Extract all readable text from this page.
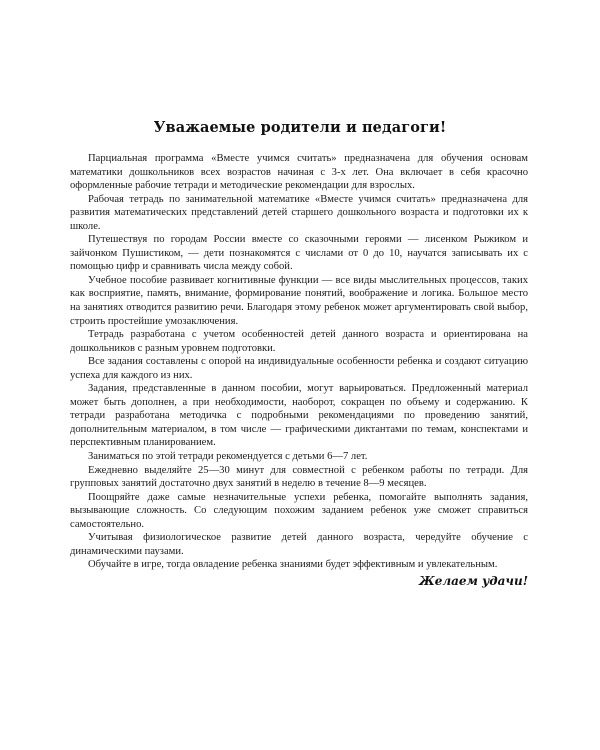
Уважаемые родители и педагоги!

Парциальная программа «Вместе учимся считать» предназначена для обучения основам математики дошкольников всех возрастов начиная с 3-х лет. Она включает в себя красочно оформленные рабочие тетради и методические рекомендации для взрослых.

Рабочая тетрадь по занимательной математике «Вместе учимся считать» предназначена для развития математических представлений детей старшего дошкольного возраста и подготовки их к школе.

Путешествуя по городам России вместе со сказочными героями — лисенком Рыжиком и зайчонком Пушистиком, — дети познакомятся с числами от 0 до 10, научатся записывать их с помощью цифр и сравнивать числа между собой.

Учебное пособие развивает когнитивные функции — все виды мыслительных процессов, таких как восприятие, память, внимание, формирование понятий, воображение и логика. Большое место на занятиях отводится развитию речи. Благодаря этому ребенок может аргументировать свой выбор, строить простейшие умозаключения.

Тетрадь разработана с учетом особенностей детей данного возраста и ориентирована на дошкольников с разным уровнем подготовки.

Все задания составлены с опорой на индивидуальные особенности ребенка и создают ситуацию успеха для каждого из них.

Задания, представленные в данном пособии, могут варьироваться. Предложенный материал может быть дополнен, а при необходимости, наоборот, сокращен по объему и содержанию. К тетради разработана методичка с подробными рекомендациями по проведению занятий, дополнительным материалом, в том числе — графическими диктантами по темам, конспектами и перспективным планированием.

Заниматься по этой тетради рекомендуется с детьми 6—7 лет.

Ежедневно выделяйте 25—30 минут для совместной с ребенком работы по тетради. Для групповых занятий достаточно двух занятий в неделю в течение 8—9 месяцев.

Поощряйте даже самые незначительные успехи ребенка, помогайте выполнять задания, вызывающие сложность. Со следующим похожим заданием ребенок уже сможет справиться самостоятельно.

Учитывая физиологическое развитие детей данного возраста, чередуйте обучение с динамическими паузами.

Обучайте в игре, тогда овладение ребенка знаниями будет эффективным и увлекательным.

Желаем удачи!
